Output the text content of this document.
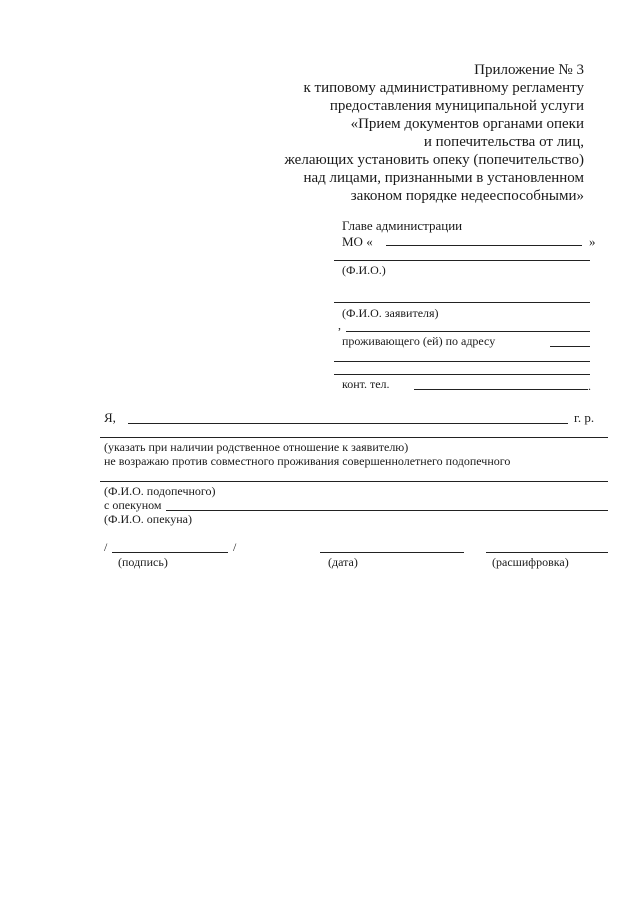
Приложение № 3
к типовому административному регламенту
предоставления муниципальной услуги
«Прием документов органами опеки
и попечительства от лиц,
желающих установить опеку (попечительство)
над лицами, признанными в установленном
законом порядке недееспособными»
Главе администрации
МО «	»
(Ф.И.О.)
(Ф.И.О. заявителя)
,
проживающего (ей) по адресу
конт. тел.	.
Я,	г. р.
(указать при наличии родственное отношение к заявителю)
не возражаю против совместного проживания совершеннолетнего подопечного
(Ф.И.О. подопечного)
с опекуном
(Ф.И.О. опекуна)
/	/
(подпись)	(дата)	(расшифровка)
